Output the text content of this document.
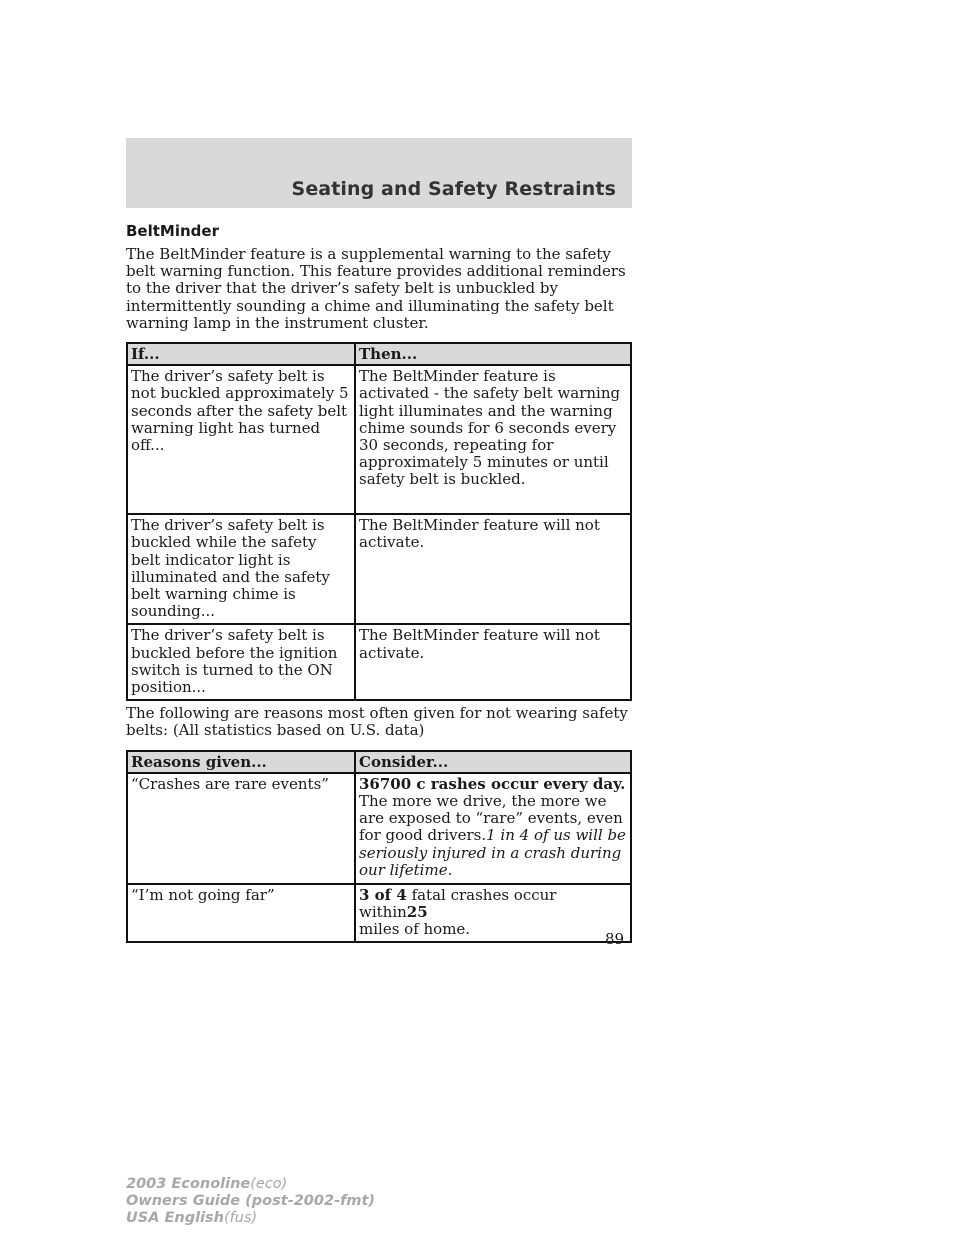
Seating and Safety Restraints
BeltMinder

The BeltMinder feature is a supplemental warning to the safety belt warning function. This feature provides additional reminders to the driver that the driver’s safety belt is unbuckled by intermittently sounding a chime and illuminating the safety belt warning lamp in the instrument cluster.

If...	Then...
The driver’s safety belt is not buckled approximately 5 seconds after the safety belt warning light has turned off...	The BeltMinder feature is activated - the safety belt warning light illuminates and the warning chime sounds for 6 seconds every 30 seconds, repeating for approximately 5 minutes or until safety belt is buckled.
The driver’s safety belt is buckled while the safety belt indicator light is illuminated and the safety belt warning chime is sounding...	The BeltMinder feature will not activate.
The driver’s safety belt is buckled before the ignition switch is turned to the ON position...	The BeltMinder feature will not activate.

The following are reasons most often given for not wearing safety belts: (All statistics based on U.S. data)

Reasons given...	Consider...
“Crashes are rare events”	36700 c rashes occur every day.
The more we drive, the more we are exposed to “rare” events, even for good drivers.1 in 4 of us will be seriously injured in a crash during our lifetime.
“I’m not going far”	3 of 4 fatal crashes occur within25
miles of home.
89
2003 Econoline(eco)
Owners Guide (post-2002-fmt)
USA English(fus)
